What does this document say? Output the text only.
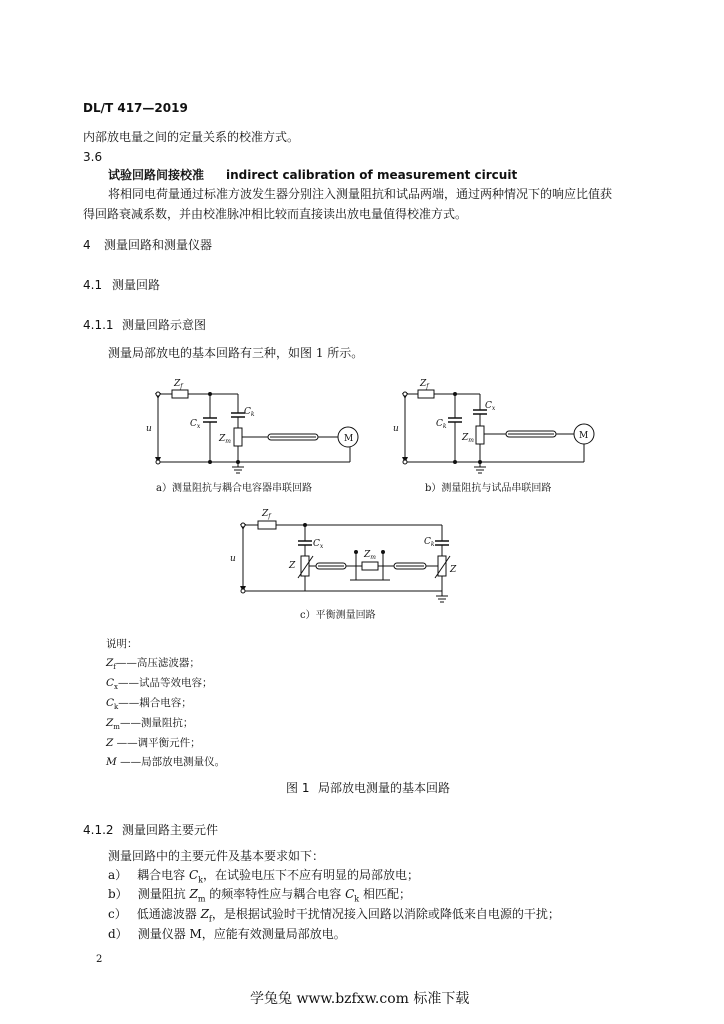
DL/T 417—2019
内部放电量之间的定量关系的校准方式。
3.6
试验回路间接校准 indirect calibration of measurement circuit
将相同电荷量通过标准方波发生器分别注入测量阻抗和试品两端，通过两种情况下的响应比值获
得回路衰减系数，并由校准脉冲相比较而直接读出放电量值得校准方式。
4 测量回路和测量仪器
4.1 测量回路
4.1.1 测量回路示意图
测量局部放电的基本回路有三种，如图 1 所示。
$Z_f$
$C_x$
$C_k$
$Z_m$
u
M
$Z_f$
$C_x$
$C_k$
$Z_m$
u
M
$Z_f$
$C_x$	$C_k$
$Z_m$
Z	Z
u
a）测量阻抗与耦合电容器串联回路	b）测量阻抗与试品串联回路
c）平衡测量回路
说明：
$Z_f——$高压滤波器；
$C_x——$试品等效电容；
$C_k——$耦合电容；
$Z_m——$测量阻抗；
Z ——调平衡元件；
M ——局部放电测量仪。
图 1 局部放电测量的基本回路
4.1.2 测量回路主要元件
测量回路中的主要元件及基本要求如下：
a） 耦合电容 $C_k$，在试验电压下不应有明显的局部放电；
b） 测量阻抗 $Z_m$ 的频率特性应与耦合电容 $C_k$ 相匹配；
c） 低通滤波器 $Z_f$，是根据试验时干扰情况接入回路以消除或降低来自电源的干扰；
d） 测量仪器 M，应能有效测量局部放电。
2
学兔兔 www.bzfxw.com 标准下载
